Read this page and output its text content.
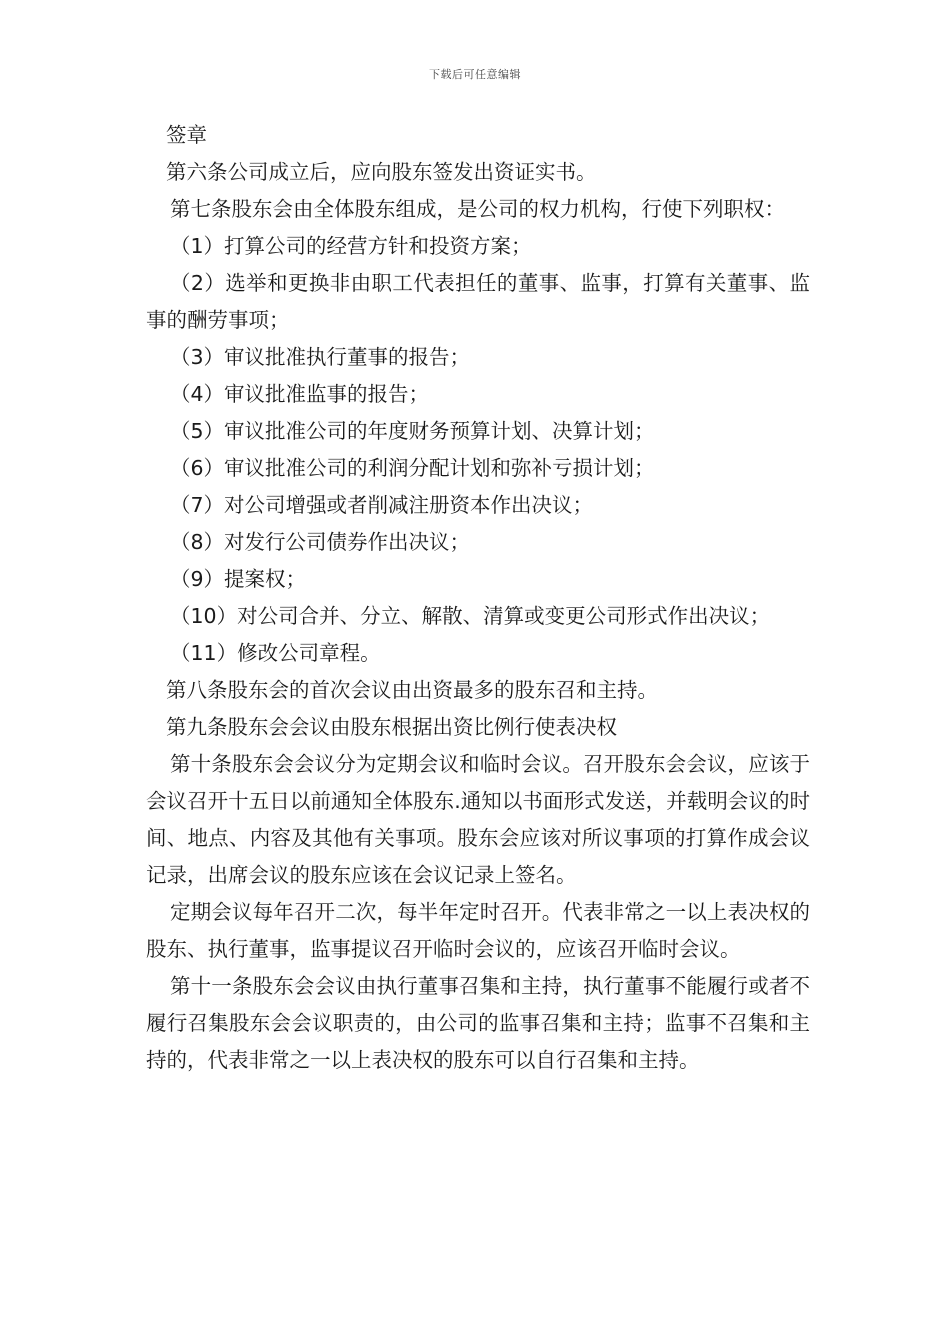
下载后可任意编辑

签章

第六条公司成立后，应向股东签发出资证实书。

第七条股东会由全体股东组成，是公司的权力机构，行使下列职权：

（1）打算公司的经营方针和投资方案；

（2）选举和更换非由职工代表担任的董事、监事，打算有关董事、监事的酬劳事项；

（3）审议批准执行董事的报告；

（4）审议批准监事的报告；

（5）审议批准公司的年度财务预算计划、决算计划；

（6）审议批准公司的利润分配计划和弥补亏损计划；

（7）对公司增强或者削减注册资本作出决议；

（8）对发行公司债券作出决议；

（9）提案权；

（10）对公司合并、分立、解散、清算或变更公司形式作出决议；

（11）修改公司章程。

第八条股东会的首次会议由出资最多的股东召和主持。

第九条股东会会议由股东根据出资比例行使表决权

第十条股东会会议分为定期会议和临时会议。召开股东会会议，应该于会议召开十五日以前通知全体股东.通知以书面形式发送，并载明会议的时间、地点、内容及其他有关事项。股东会应该对所议事项的打算作成会议记录，出席会议的股东应该在会议记录上签名。

定期会议每年召开二次，每半年定时召开。代表非常之一以上表决权的股东、执行董事，监事提议召开临时会议的，应该召开临时会议。

第十一条股东会会议由执行董事召集和主持，执行董事不能履行或者不履行召集股东会会议职责的，由公司的监事召集和主持；监事不召集和主持的，代表非常之一以上表决权的股东可以自行召集和主持。
